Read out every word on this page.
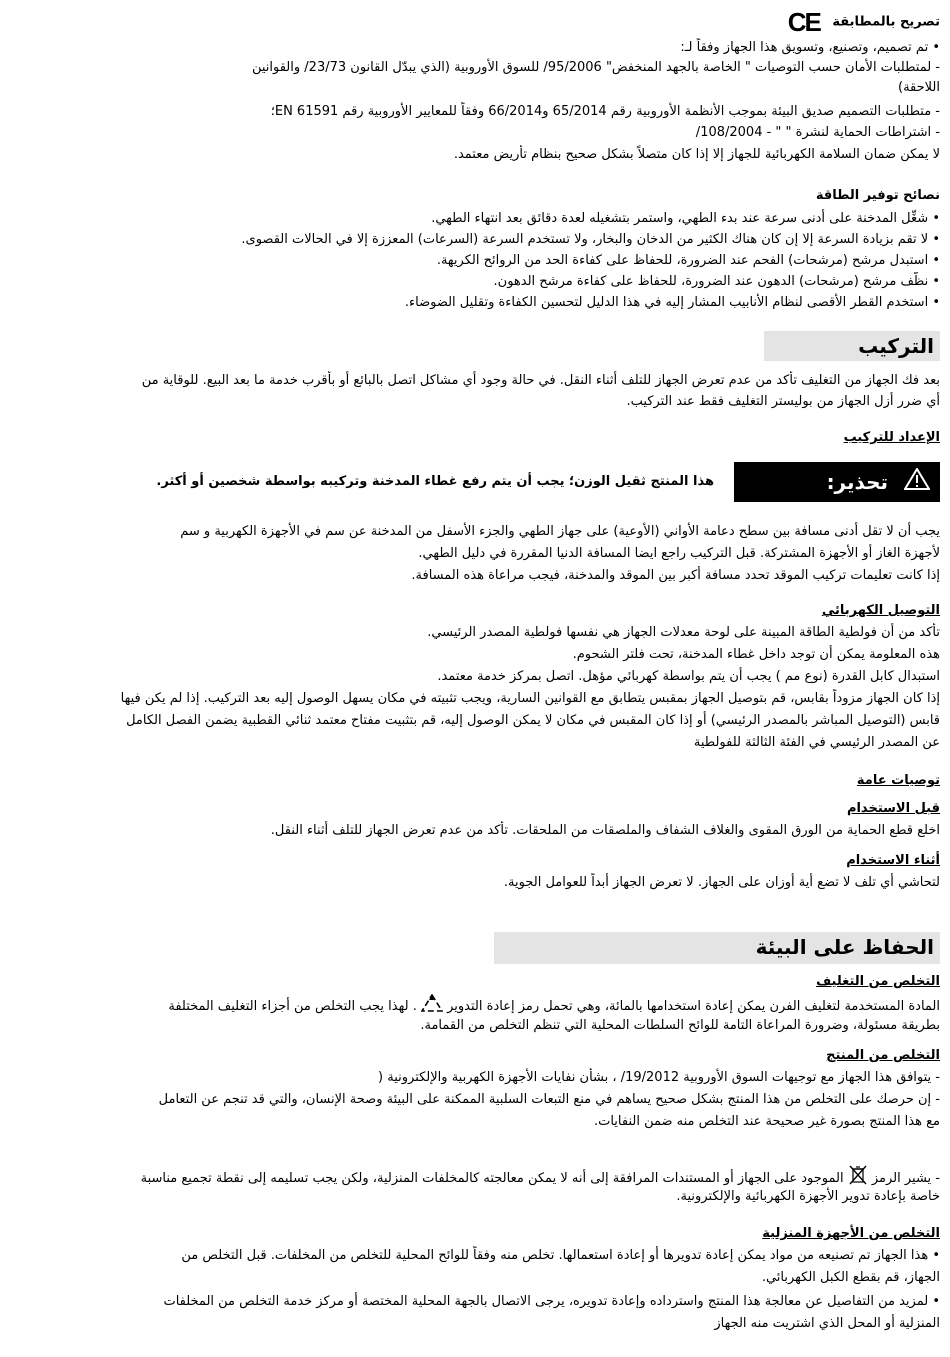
تصريح بالمطابقة CE
• تم تصميم، وتصنيع، وتسويق هذا الجهاز وفقاً لـ:
- لمتطلبات الأمان حسب التوصيات " الخاصة بالجهد المنخفض" 95/2006/ للسوق الأوروبية (الذي يبدّل القانون 23/73/ والقوانين
اللاحقة)
- متطلبات التصميم صديق البيئة بموجب الأنظمة الأوروبية رقم 65/2014 و66/2014 وفقاً للمعايير الأوروبية رقم EN 61591؛
- اشتراطات الحماية لنشرة " " - 108/2004/
لا يمكن ضمان السلامة الكهربائية للجهاز إلا إذا كان متصلاً بشكل صحيح بنظام تأريض معتمد.
نصائح توفير الطاقة
• شغِّل المدخنة على أدنى سرعة عند بدء الطهي، واستمر بتشغيله لعدة دقائق بعد انتهاء الطهي.
• لا تقم بزيادة السرعة إلا إن كان هناك الكثير من الدخان والبخار، ولا تستخدم السرعة (السرعات) المعززة إلا في الحالات القصوى.
• استبدل مرشح (مرشحات) الفحم عند الضرورة، للحفاظ على كفاءة الحد من الروائح الكريهة.
• نظّف مرشح (مرشحات) الدهون عند الضرورة، للحفاظ على كفاءة مرشح الدهون.
• استخدم القطر الأقصى لنظام الأنابيب المشار إليه في هذا الدليل لتحسين الكفاءة وتقليل الضوضاء.
التركيب
بعد فك الجهاز من التغليف تأكد من عدم تعرض الجهاز للتلف أثناء النقل. في حالة وجود أي مشاكل اتصل بالبائع أو بأقرب خدمة ما بعد البيع. للوقاية من
أي ضرر أزل الجهاز من بوليستر التغليف فقط عند التركيب.
الإعداد للتركيب
تحذير:
هذا المنتج ثقيل الوزن؛ يجب أن يتم رفع غطاء المدخنة وتركيبه بواسطة شخصين أو أكثر.
يجب أن لا تقل أدنى مسافة بين سطح دعامة الأواني (الأوعية) على جهاز الطهي والجزء الأسفل من المدخنة عن سم في الأجهزة الكهربية و سم
لأجهزة الغاز أو الأجهزة المشتركة. قبل التركيب راجع ايضا المسافة الدنيا المقررة في دليل الطهي.
إذا كانت تعليمات تركيب الموقد تحدد مسافة أكبر بين الموقد والمدخنة، فيجب مراعاة هذه المسافة.
التوصيل الكهربائي
تأكد من أن فولطية الطاقة المبينة على لوحة معدلات الجهاز هي نفسها فولطية المصدر الرئيسي.
هذه المعلومة يمكن أن توجد داخل غطاء المدخنة، تحت فلتر الشحوم.
استبدال كابل القدرة (نوع مم ) يجب أن يتم بواسطة كهربائي مؤهل. اتصل بمركز خدمة معتمد.
إذا كان الجهاز مزوداً بقابس، قم بتوصيل الجهاز بمقبس يتطابق مع القوانين السارية، ويجب تثبيته في مكان يسهل الوصول إليه بعد التركيب. إذا لم يكن فيها
قابس (التوصيل المباشر بالمصدر الرئيسي) أو إذا كان المقبس في مكان لا يمكن الوصول إليه، قم بتثبيت مفتاح معتمد ثنائي القطبية يضمن الفصل الكامل
عن المصدر الرئيسي في الفئة الثالثة للفولطية
توصيات عامة
قبل الاستخدام
اخلع قطع الحماية من الورق المقوى والغلاف الشفاف والملصقات من الملحقات. تأكد من عدم تعرض الجهاز للتلف أثناء النقل.
أثناء الاستخدام
لتحاشي أي تلف لا تضع أية أوزان على الجهاز. لا تعرض الجهاز أبداً للعوامل الجوية.
الحفاظ على البيئة
التخلص من التغليف
المادة المستخدمة لتغليف الفرن يمكن إعادة استخدامها بالمائة، وهي تحمل رمز إعادة التدوير  . لهذا يجب التخلص من أجزاء التغليف المختلفة
بطريقة مسئولة، وضرورة المراعاة التامة للوائح السلطات المحلية التي تنظم التخلص من القمامة.
التخلص من المنتج
- يتوافق هذا الجهاز مع توجيهات السوق الأوروبية 19/2012/ ، بشأن نفايات الأجهزة الكهربية والإلكترونية (
- إن حرصك على التخلص من هذا المنتج بشكل صحيح يساهم في منع التبعات السلبية الممكنة على البيئة وصحة الإنسان، والتي قد تنجم عن التعامل
مع هذا المنتج بصورة غير صحيحة عند التخلص منه ضمن النفايات.
- يشير الرمز  الموجود على الجهاز أو المستندات المرافقة إلى أنه لا يمكن معالجته كالمخلفات المنزلية، ولكن يجب تسليمه إلى نقطة تجميع مناسبة
خاصة بإعادة تدوير الأجهزة الكهربائية والإلكترونية.
التخلص من الأجهزة المنزلية
• هذا الجهاز تم تصنيعه من مواد يمكن إعادة تدويرها أو إعادة استعمالها. تخلص منه وفقاً للوائح المحلية للتخلص من المخلفات. قبل التخلص من
الجهاز، قم بقطع الكبل الكهربائي.
• لمزيد من التفاصيل عن معالجة هذا المنتج واسترداده وإعادة تدويره، يرجى الاتصال بالجهة المحلية المختصة أو مركز خدمة التخلص من المخلفات
المنزلية أو المحل الذي اشتريت منه الجهاز
